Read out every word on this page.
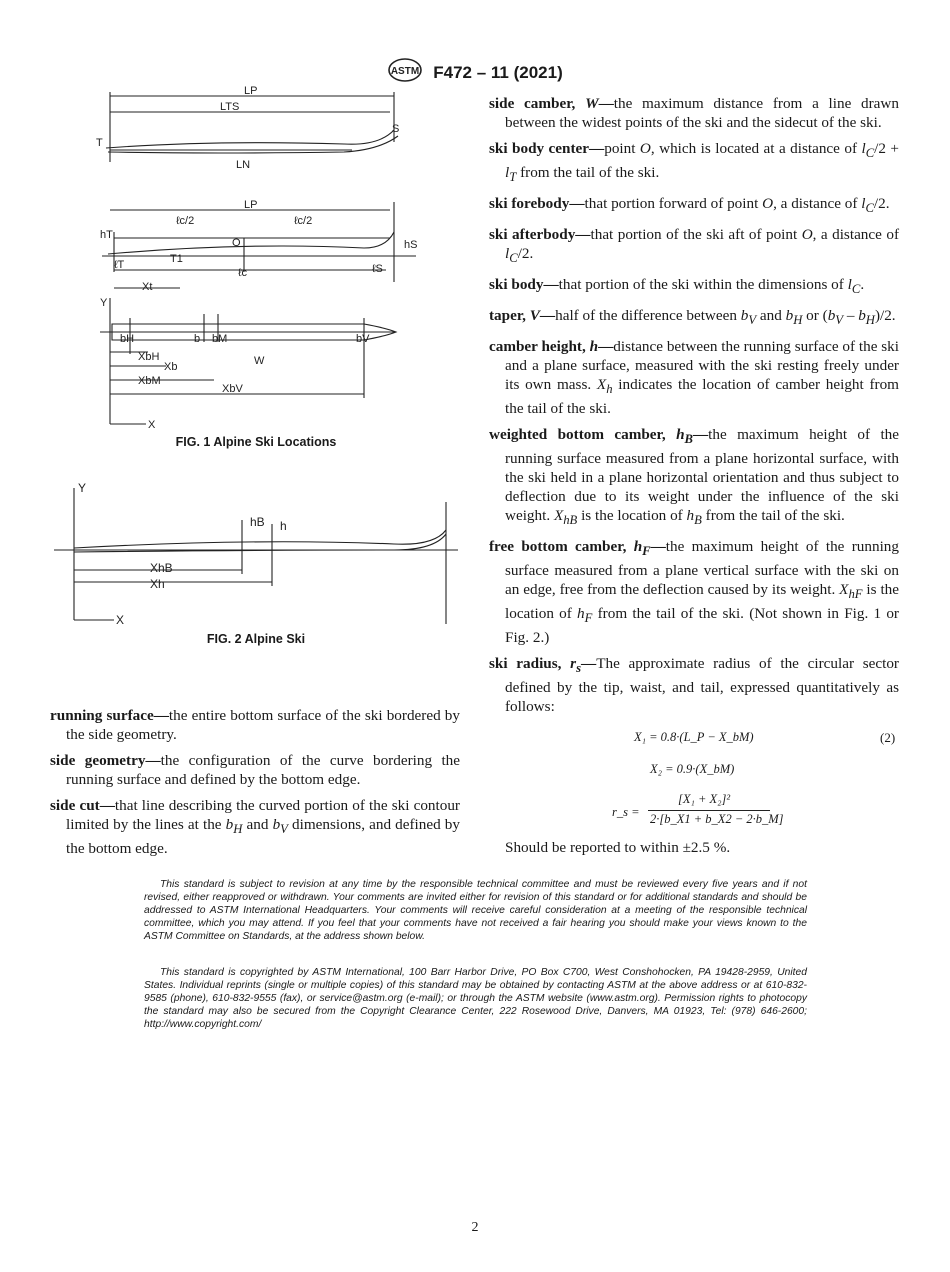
ASTM F472 – 11 (2021)
LP
LTS
T
S
LN
LP
ℓc/2	ℓc/2
hT
hS
O
T1
ℓT
ℓc	ℓS
Xt
Y
bH	b bM	bV
XbH
Xb	W
XbM
XbV
X
FIG. 1 Alpine Ski Locations
Y
hB h
XhB
Xh
X
FIG. 2 Alpine Ski

running surface—the entire bottom surface of the ski bordered by the side geometry.

side geometry—the configuration of the curve bordering the running surface and defined by the bottom edge.

side cut—that line describing the curved portion of the ski contour limited by the lines at the $b_H$ and $b_V$ dimensions, and defined by the bottom edge.

side camber, W—the maximum distance from a line drawn between the widest points of the ski and the sidecut of the ski.

ski body center—point O, which is located at a distance of $l_C/2 + l_T$ from the tail of the ski.

ski forebody—that portion forward of point O, a distance of $l_C/2$.

ski afterbody—that portion of the ski aft of point O, a distance of $l_C/2$.

ski body—that portion of the ski within the dimensions of $l_C$.

taper, V—half of the difference between $b_V$ and $b_H$ or $(b_V - b_H)/2$.

camber height, h—distance between the running surface of the ski and a plane surface, measured with the ski resting freely under its own mass. $X_h$ indicates the location of camber height from the tail of the ski.

weighted bottom camber, $h_B—the$ maximum height of the running surface measured from a plane horizontal surface, with the ski held in a plane horizontal orientation and thus subject to deflection due to its weight under the influence of the ski weight. $X_{hB}$ is the location of $h_B$ from the tail of the ski.

free bottom camber, $h_F—the$ maximum height of the running surface measured from a plane vertical surface with the ski on an edge, free from the deflection caused by its weight. $X_{hF}$ is the location of $h_F$ from the tail of the ski. (Not shown in Fig. 1 or Fig. 2.)

ski radius, $r_s—The$ approximate radius of the circular sector defined by the tip, waist, and tail, expressed quantitatively as follows:

X₁ = 0.8·(L_P − X_bM)	(2)
X₂ = 0.9·(X_bM)
r_s =
[X₁ + X₂]²
2·[b_X1 + b_X2 − 2·b_M]
Should be reported to within ±2.5 %.

This standard is subject to revision at any time by the responsible technical committee and must be reviewed every five years and if not revised, either reapproved or withdrawn. Your comments are invited either for revision of this standard or for additional standards and should be addressed to ASTM International Headquarters. Your comments will receive careful consideration at a meeting of the responsible technical committee, which you may attend. If you feel that your comments have not received a fair hearing you should make your views known to the ASTM Committee on Standards, at the address shown below.

This standard is copyrighted by ASTM International, 100 Barr Harbor Drive, PO Box C700, West Conshohocken, PA 19428-2959, United States. Individual reprints (single or multiple copies) of this standard may be obtained by contacting ASTM at the above address or at 610-832-9585 (phone), 610-832-9555 (fax), or service@astm.org (e-mail); or through the ASTM website (www.astm.org). Permission rights to photocopy the standard may also be secured from the Copyright Clearance Center, 222 Rosewood Drive, Danvers, MA 01923, Tel: (978) 646-2600; http://www.copyright.com/

2
